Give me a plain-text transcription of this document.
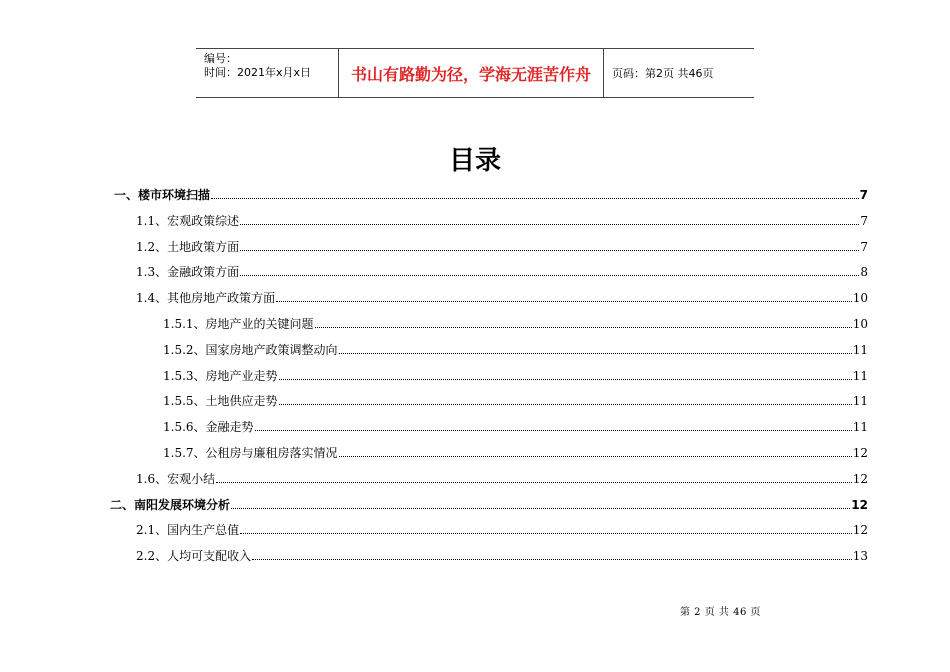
编号：
时间：2021年x月x日	书山有路勤为径，学海无涯苦作舟	页码：第2页 共46页
目录
一、楼市环境扫描	7
1.1、宏观政策综述	7
1.2、土地政策方面	7
1.3、金融政策方面	8
1.4、其他房地产政策方面	10
1.5.1、房地产业的关键问题	10
1.5.2、国家房地产政策调整动向	11
1.5.3、房地产业走势	11
1.5.5、土地供应走势	11
1.5.6、金融走势	11
1.5.7、公租房与廉租房落实情况	12
1.6、宏观小结	12
二、南阳发展环境分析	12
2.1、国内生产总值	12
2.2、人均可支配收入	13
第 2 页 共 46 页
